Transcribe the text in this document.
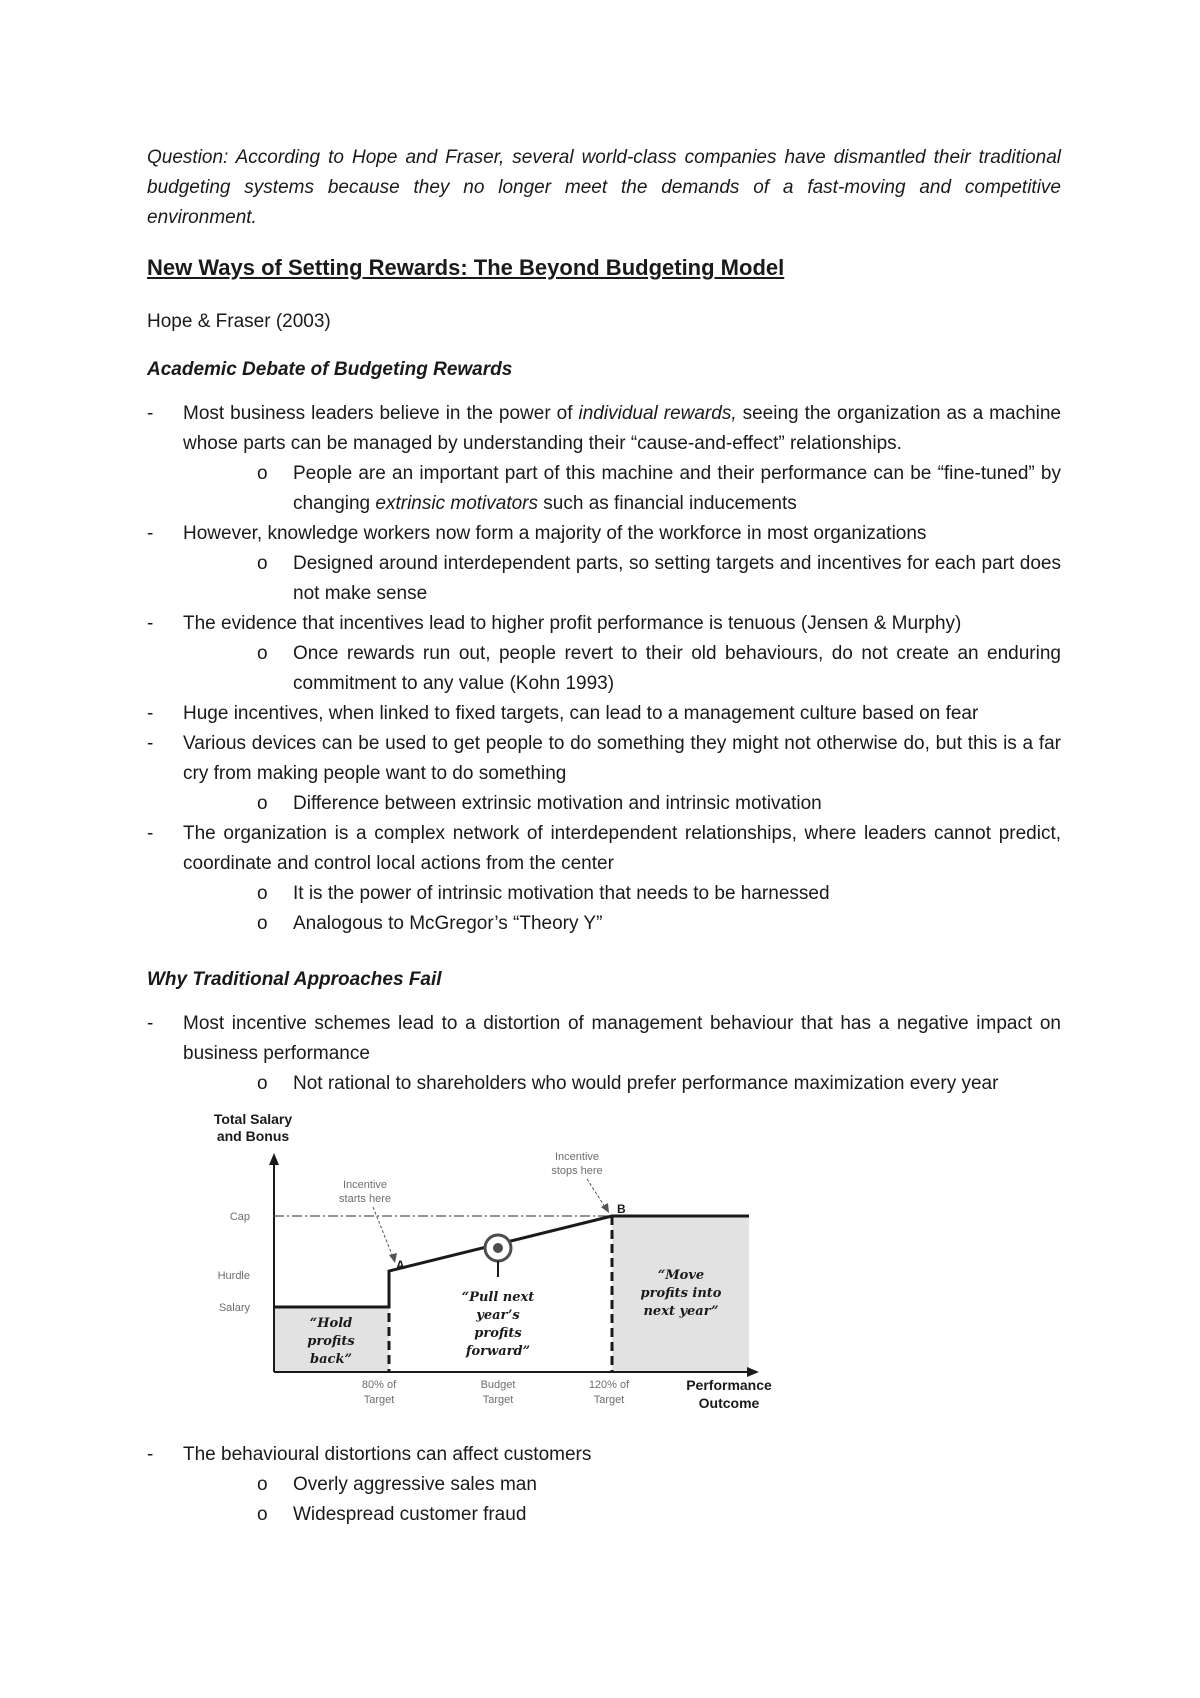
Question: According to Hope and Fraser, several world-class companies have dismantled their traditional budgeting systems because they no longer meet the demands of a fast-moving and competitive environment.

New Ways of Setting Rewards: The Beyond Budgeting Model
Hope & Fraser (2003)
Academic Debate of Budgeting Rewards
- Most business leaders believe in the power of individual rewards, seeing the organization as a machine whose parts can be managed by understanding their “cause-and-effect” relationships.
o People are an important part of this machine and their performance can be “fine-tuned” by changing extrinsic motivators such as financial inducements
- However, knowledge workers now form a majority of the workforce in most organizations
o Designed around interdependent parts, so setting targets and incentives for each part does not make sense
- The evidence that incentives lead to higher profit performance is tenuous (Jensen & Murphy)
o Once rewards run out, people revert to their old behaviours, do not create an enduring commitment to any value (Kohn 1993)
- Huge incentives, when linked to fixed targets, can lead to a management culture based on fear
- Various devices can be used to get people to do something they might not otherwise do, but this is a far cry from making people want to do something
o Difference between extrinsic motivation and intrinsic motivation
- The organization is a complex network of interdependent relationships, where leaders cannot predict, coordinate and control local actions from the center
o It is the power of intrinsic motivation that needs to be harnessed
o Analogous to McGregor’s “Theory Y”
Why Traditional Approaches Fail
- Most incentive schemes lead to a distortion of management behaviour that has a negative impact on business performance
o Not rational to shareholders who would prefer performance maximization every year
Total Salary
and Bonus
Performance
Outcome
Cap
Hurdle
Salary
80% of
Target
Budget
Target
120% of
Target
Incentive
starts here
Incentive
stops here
A
B
“Hold
profits
back”
“Pull next
year’s
profits
forward”
“Move
profits into
next year”
- The behavioural distortions can affect customers
o Overly aggressive sales man
o Widespread customer fraud
